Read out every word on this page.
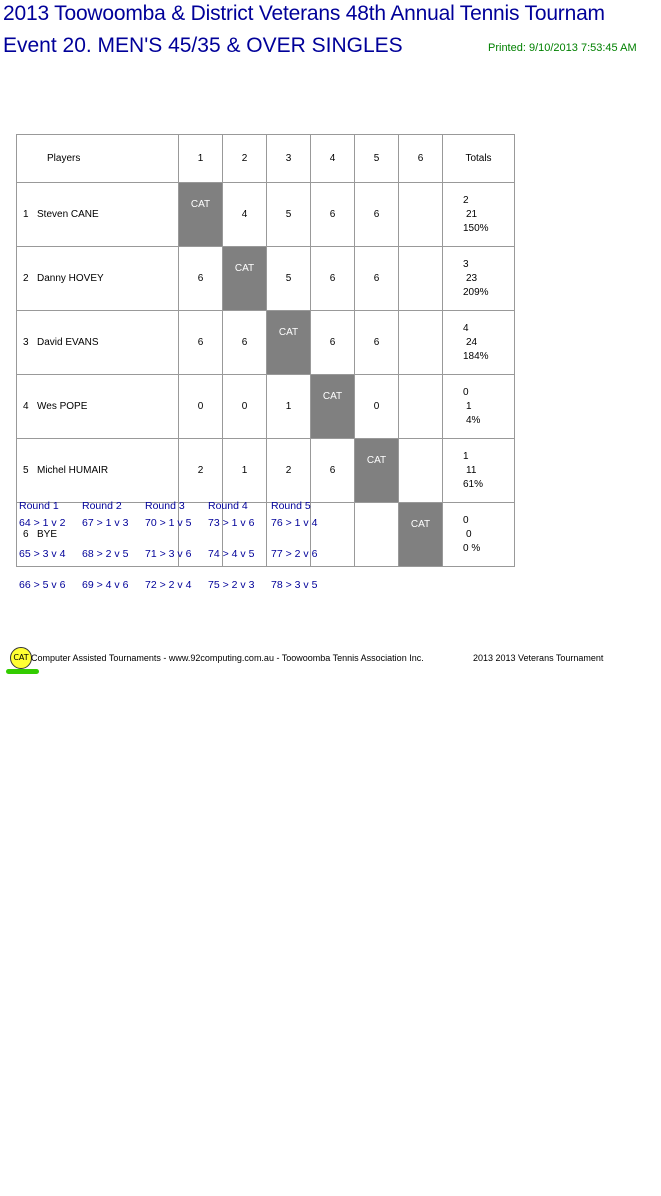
2013 Toowoomba & District Veterans 48th Annual Tennis Tournam
Event 20. MEN'S 45/35 & OVER SINGLES	Printed: 9/10/2013 7:53:45 AM
Players	1	2	3	4	5	6	Totals
1 Steven CANE	CAT	4	5	6	6		2
21
150%

2 Danny HOVEY	6	CAT	5	6	6		3
23
209%

3 David EVANS	6	6	CAT	6	6		4
24
184%

4 Wes POPE	0	0	1	CAT	0		0
1
4%

5 Michel HUMAIR	2	1	2	6	CAT		1
11
61%

6 BYE						CAT	0
0
0 %
Round 1
64 > 1 v 2
65 > 3 v 4
66 > 5 v 6
Round 2
67 > 1 v 3
68 > 2 v 5
69 > 4 v 6
Round 3
70 > 1 v 5
71 > 3 v 6
72 > 2 v 4
Round 4
73 > 1 v 6
74 > 4 v 5
75 > 2 v 3
Round 5
76 > 1 v 4
77 > 2 v 6
78 > 3 v 5
CAT Computer Assisted Tournaments - www.92computing.com.au - Toowoomba Tennis Association Inc.	2013 2013 Veterans Tournament
